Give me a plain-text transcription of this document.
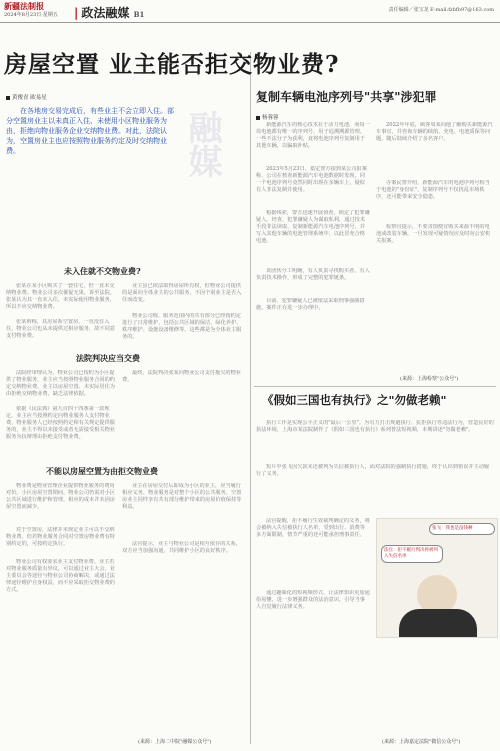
新疆法制报
2024年8月23日 星期五 | 政法融媒 B1	责任编辑／张宝龙 E-mail:fzbfb97@163.com
房屋空置 业主能否拒交物业费?
黄俊青 欧易星
融媒
在各地房交易完成后，有些业主不会立即入住。部分空置房业主以未真正入住、未使用小区物业服务为由，拒绝向物业服务企业交纳物业费。对此，法院认为，空置房业主也应按照物业服务约定及时交纳物业费。
未入住就不交物业费?

张某在某小区购买了一套住宅，但一直未交纳物业费。物业公司多次催促无果，诉至法院。张某认为其一直未入住，未实际使用物业服务，所以不应交纳物业费。

张某辩称，其房屋系空置房，一直没有入住，物业公司也从未提供过相应服务，故不同意支付物业费。

业主虽已依法取得房屋所有权，但物业公司提供的是面向全体业主的公共服务，不因个别业主是否入住而改变。

物业公司称，服务范围内的共有部分已经按约定进行了日常维护，包括公共区域的保洁、绿化养护、秩序维护、设施设备维修等，这些都是为全体业主服务的。

法院判决应当交费

法院经审理认为，物业公司已按约为小区提供了物业服务，业主应当按照物业服务合同的约定交纳物业费。业主以房屋空置、未实际居住为由拒绝交纳物业费，缺乏法律依据。

依据《民法典》第九百四十四条第一款规定，业主应当按照约定向物业服务人支付物业费。物业服务人已经按照约定和有关规定提供服务的，业主不得以未接受或者无需接受相关物业服务为抗辩理由拒绝支付物业费。

最终，法院判决张某向物业公司支付拖欠的物业费。

不能以房屋空置为由拒交物业费

物业费是物业管理企业提供物业服务的费用对价。小区房屋空置期间，物业公司仍需对小区公共区域进行维护和管理，相应的成本并未因房屋空置而减少。

对于空置房，法律并未规定业主可以不交纳物业费。但若物业服务合同对空置房物业费有特别约定的，可按约定执行。

物业公司有权要求业主支付物业费。业主若对物业服务质量有异议，可以通过业主大会、业主委员会等途径与物业公司协商解决，或通过法律途径维护自身权益，而不应采取拒交物业费的方式。

业主在房屋交付后即成为小区的业主，应当履行相应义务。物业服务是对整个小区的公共服务，空置房业主同样享有共有部分维护带来的房屋价值保持等利益。

法官提示，业主与物业公司是相互依存的关系，双方应当加强沟通，共同维护小区的良好秩序。

(来源：上海二中院"融媒公众号")
复制车辆电池序列号"共享"涉犯罪
杨蓉蓉

新能源汽车的核心技术在于动力电池，而每一块电池都有唯一的序列号，用于追溯溯源管理。一些不法分子为获利，竟将电池序列号复制用于其他车辆，以骗取补贴。

2023年5月23日，嘉定警方接到某公司报案称，公司在核查新能源汽车电池数据时发现，同一个电池序列号竟然同时出现在多辆车上，疑似有人非法复制并使用。

根据线索，警方迅速开展侦查，锁定了犯罪嫌疑人。经查，犯罪嫌疑人为谋取私利，通过技术手段非法读取、复制新能源汽车电池序列号，并写入其他车辆的电池管理系统中，以此冒充合格电池。

该团伙分工明确，有人负责寻找购买者，有人负责技术操作，形成了完整的犯罪链条。

目前，犯罪嫌疑人已被依法采取刑事强制措施，案件正在进一步办理中。

2022年年底，顾客周某向他了解购买新能源汽车事宜，并咨询车辆的续航、充电、电池质保等问题，随后陆续介绍了多名客户。

办案民警介绍，新能源汽车的电池序列号相当于电池的"身份证"，复制序列号不仅扰乱市场秩序，还可能带来安全隐患。

检察官提示，不要贪图便宜购买来源不明的电池或改装车辆，一旦发现可疑情况应及时向公安机关报案。

(来源：上海检察"公众号")
《假如三国也有执行》之"勿做老赖"

执行工作是实现公平正义的"最后一公里"。为有力打击规避执行、抗拒执行等违法行为，营造良好的执法环境，上海市某法院制作了《假如三国也有执行》系列普法短视频，本期讲述"勿做老赖"。

短片中张飞因欠款未还被列为失信被执行人，面对法院的强制执行措施，终于认识到错误并主动履行了义务。

法官提醒，拒不履行生效裁判确定的义务，将会被纳入失信被执行人名单，受到出行、消费等多方面限制，情节严重的还可能承担刑事责任。

通过趣味化的短视频形式，让法律知识更加通俗易懂，进一步增强群众的法治意识，引导当事人自觉履行法律义务。

张飞：我也是没钱啊
法官：拒不履行判决将被列入失信名单
(来源：上海嘉定法院"微信公众号")
